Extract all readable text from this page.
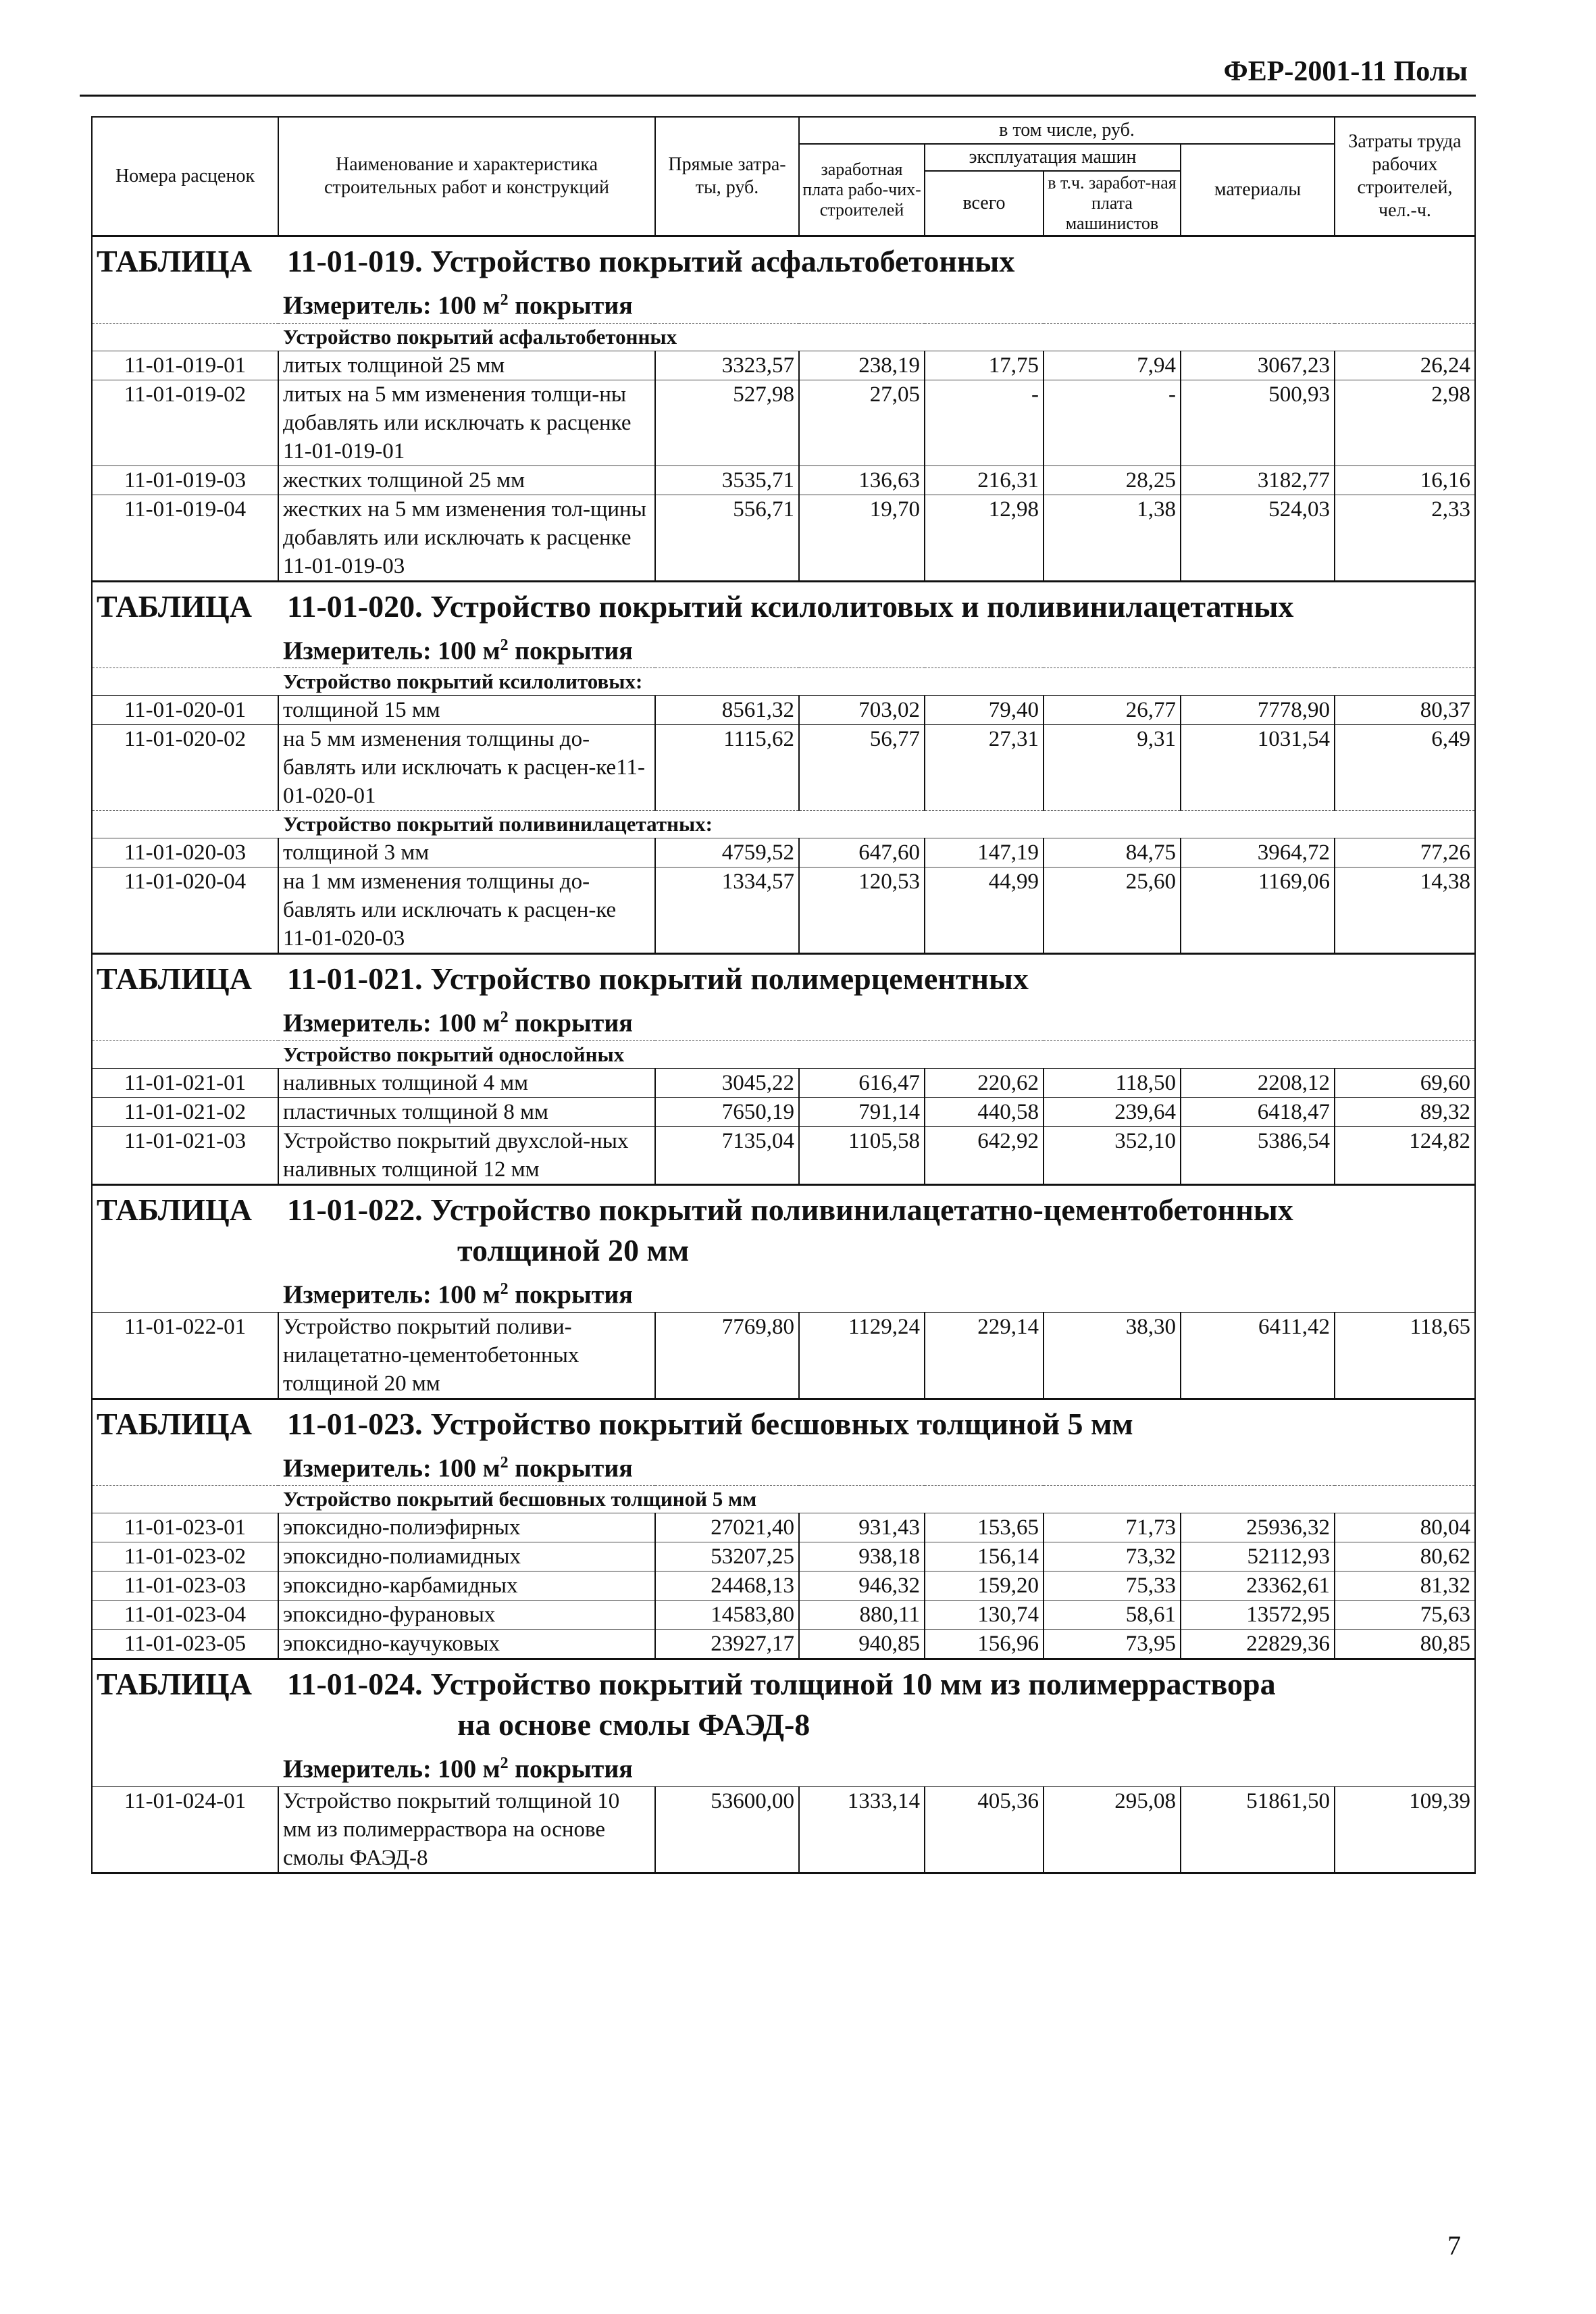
ФЕР-2001-11 Полы
Номера расценок	Наименование и характеристика строительных работ и конструкций	Прямые затра-ты, руб.	в том числе, руб.				Затраты труда рабочих строителей, чел.-ч.
			заработная плата рабо-чих-строителей	эксплуатация машин		материалы	
				всего	в т.ч. заработ-ная плата машинистов		
ТАБЛИЦА 11-01-019. Устройство покрытий асфальтобетонных							
Измеритель: 100 $м^2$ покрытия							
Устройство покрытий асфальтобетонных							
11-01-019-01	литых толщиной 25 мм	3323,57	238,19	17,75	7,94	3067,23	26,24
11-01-019-02	литых на 5 мм изменения толщи-ны добавлять или исключать к расценке 11-01-019-01	527,98	27,05	-	-	500,93	2,98
11-01-019-03	жестких толщиной 25 мм	3535,71	136,63	216,31	28,25	3182,77	16,16
11-01-019-04	жестких на 5 мм изменения тол-щины добавлять или исключать к расценке 11-01-019-03	556,71	19,70	12,98	1,38	524,03	2,33
ТАБЛИЦА 11-01-020. Устройство покрытий ксилолитовых и поливинилацетатных							
Измеритель: 100 $м^2$ покрытия							
Устройство покрытий ксилолитовых:							
11-01-020-01	толщиной 15 мм	8561,32	703,02	79,40	26,77	7778,90	80,37
11-01-020-02	на 5 мм изменения толщины до-бавлять или исключать к расцен-ке11-01-020-01	1115,62	56,77	27,31	9,31	1031,54	6,49
Устройство покрытий поливинилацетатных:							
11-01-020-03	толщиной 3 мм	4759,52	647,60	147,19	84,75	3964,72	77,26
11-01-020-04	на 1 мм изменения толщины до-бавлять или исключать к расцен-ке 11-01-020-03	1334,57	120,53	44,99	25,60	1169,06	14,38
ТАБЛИЦА 11-01-021. Устройство покрытий полимерцементных							
Измеритель: 100 $м^2$ покрытия							
Устройство покрытий однослойных							
11-01-021-01	наливных толщиной 4 мм	3045,22	616,47	220,62	118,50	2208,12	69,60
11-01-021-02	пластичных толщиной 8 мм	7650,19	791,14	440,58	239,64	6418,47	89,32
11-01-021-03	Устройство покрытий двухслой-ных наливных толщиной 12 мм	7135,04	1105,58	642,92	352,10	5386,54	124,82
ТАБЛИЦА 11-01-022. Устройство покрытий поливинилацетатно-цементобетонных
толщиной 20 мм							

Измеритель: 100 $м^2$ покрытия							
11-01-022-01	Устройство покрытий поливи-нилацетатно-цементобетонных толщиной 20 мм	7769,80	1129,24	229,14	38,30	6411,42	118,65
ТАБЛИЦА 11-01-023. Устройство покрытий бесшовных толщиной 5 мм							
Измеритель: 100 $м^2$ покрытия							
Устройство покрытий бесшовных толщиной 5 мм							
11-01-023-01	эпоксидно-полиэфирных	27021,40	931,43	153,65	71,73	25936,32	80,04
11-01-023-02	эпоксидно-полиамидных	53207,25	938,18	156,14	73,32	52112,93	80,62
11-01-023-03	эпоксидно-карбамидных	24468,13	946,32	159,20	75,33	23362,61	81,32
11-01-023-04	эпоксидно-фурановых	14583,80	880,11	130,74	58,61	13572,95	75,63
11-01-023-05	эпоксидно-каучуковых	23927,17	940,85	156,96	73,95	22829,36	80,85
ТАБЛИЦА 11-01-024. Устройство покрытий толщиной 10 мм из полимерраствора
на основе смолы ФАЭД-8							

Измеритель: 100 $м^2$ покрытия							
11-01-024-01	Устройство покрытий толщиной 10 мм из полимерраствора на основе смолы ФАЭД-8	53600,00	1333,14	405,36	295,08	51861,50	109,39
7
